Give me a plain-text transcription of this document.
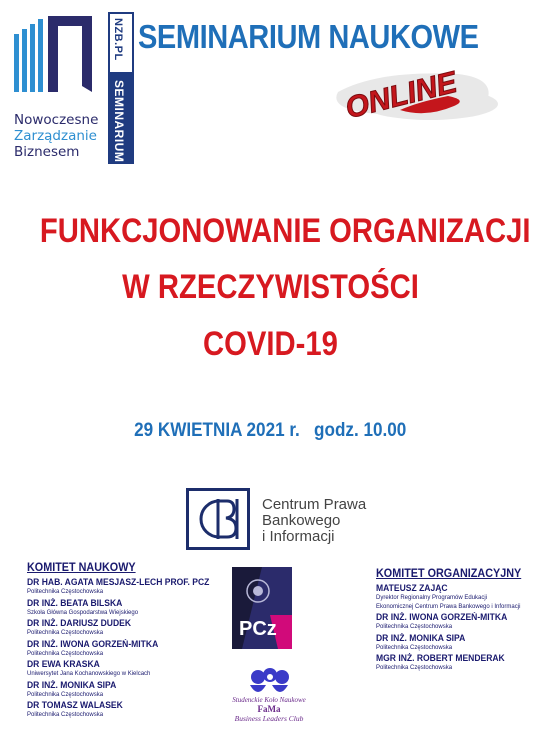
Nowoczesne
Zarządzanie
Biznesem
NZB.PL
SEMINARIUM
SEMINARIUM NAUKOWE
ONLINE
FUNKCJONOWANIE ORGANIZACJI
W RZECZYWISTOŚCI
COVID-19
29 KWIETNIA 2021 r.   godz. 10.00
Centrum Prawa
Bankowego
i Informacji
KOMITET NAUKOWY
DR HAB. AGATA MESJASZ-LECH PROF. PCZ
Politechnika Częstochowska
DR INŻ. BEATA BILSKA
Szkoła Główna Gospodarstwa Wiejskiego
DR INŻ. DARIUSZ DUDEK
Politechnika Częstochowska
DR INŻ. IWONA GORZEŃ-MITKA
Politechnika Częstochowska
DR EWA KRASKA
Uniwersytet Jana Kochanowskiego w Kielcach
DR INŻ. MONIKA SIPA
Politechnika Częstochowska
DR TOMASZ WALASEK
Politechnika Częstochowska
PCz
KOMITET ORGANIZACYJNY
MATEUSZ ZAJĄC
Dyrektor Regionalny Programów Edukacji
Ekonomicznej Centrum Prawa Bankowego i Informacji
DR INŻ. IWONA GORZEŃ-MITKA
Politechnika Częstochowska
DR INŻ. MONIKA SIPA
Politechnika Częstochowska
MGR INŻ. ROBERT MENDERAK
Politechnika Częstochowska
Studenckie Koło Naukowe
FaMa
Business Leaders Club
